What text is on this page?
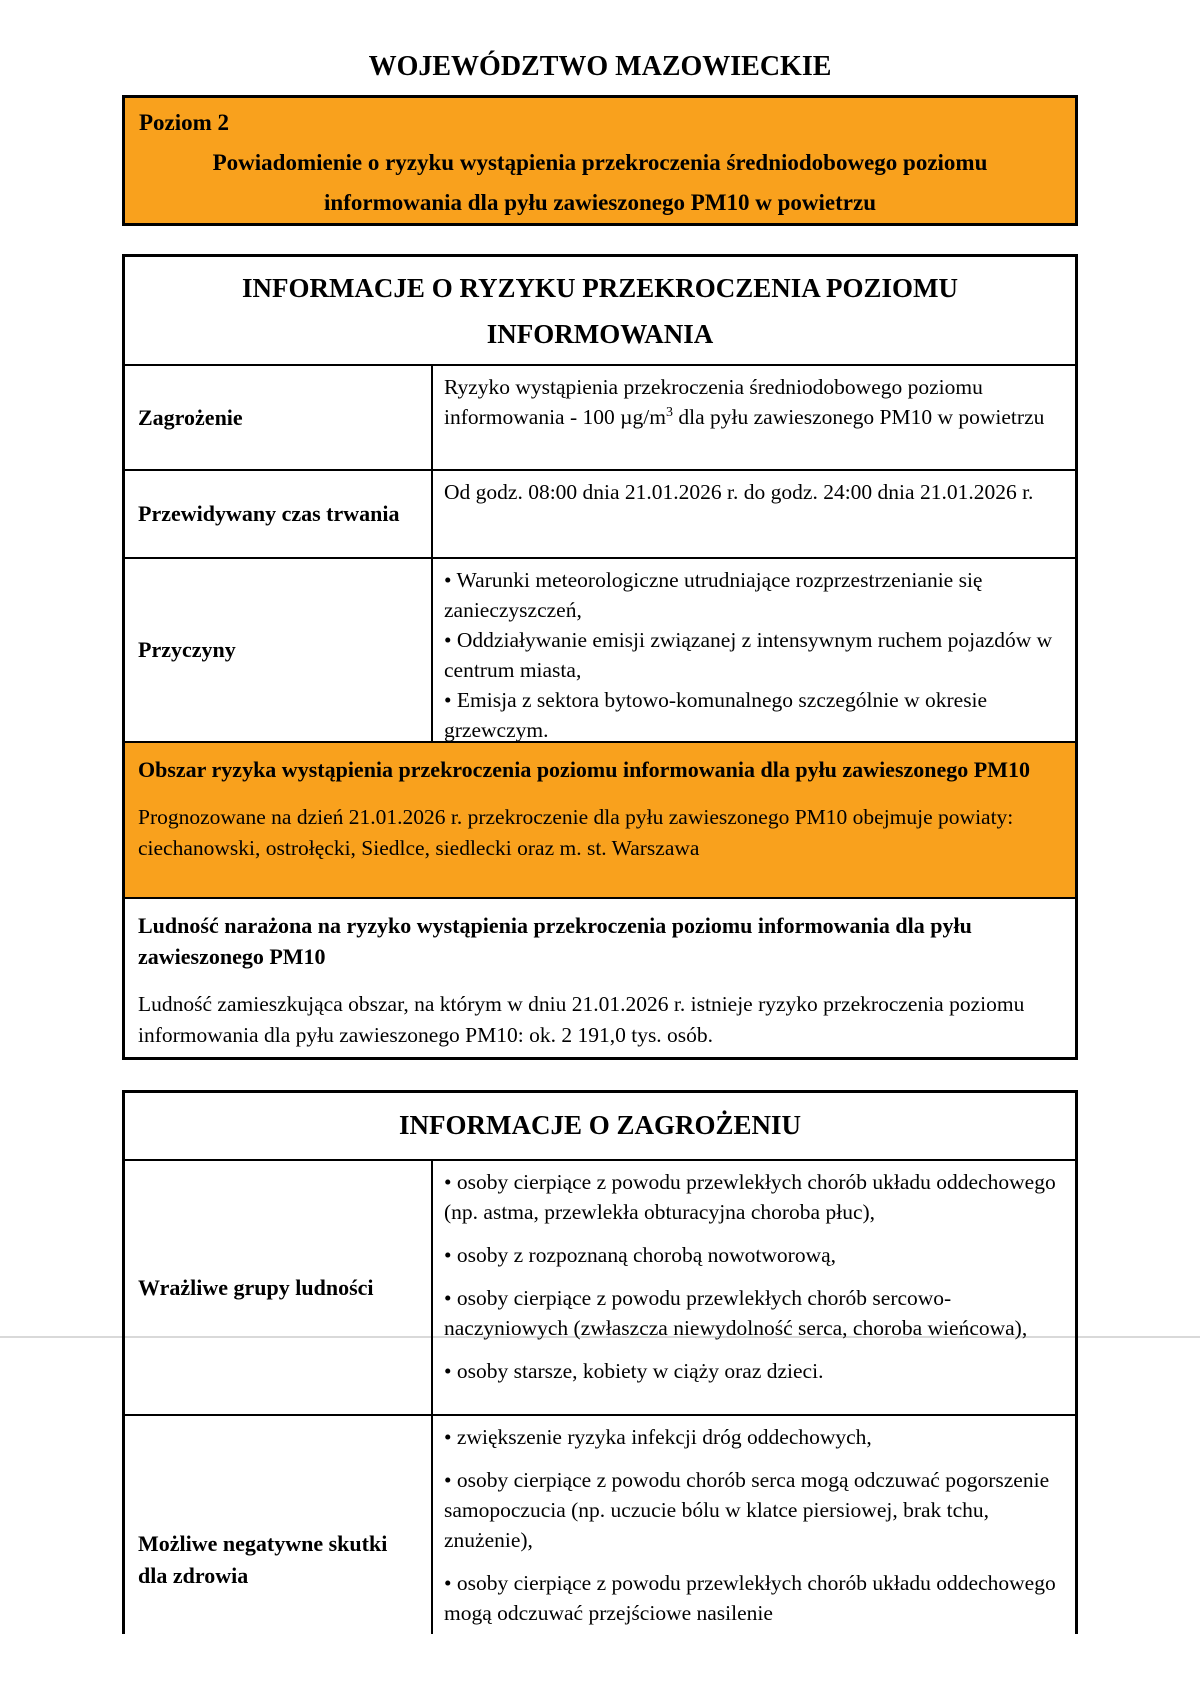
WOJEWÓDZTWO MAZOWIECKIE
Poziom 2
Powiadomienie o ryzyku wystąpienia przekroczenia średniodobowego poziomu
informowania dla pyłu zawieszonego PM10 w powietrzu
INFORMACJE O RYZYKU PRZEKROCZENIA POZIOMU
INFORMOWANIA
Zagrożenie
Ryzyko wystąpienia przekroczenia średniodobowego poziomu informowania - 100 $\mu g/m^3$ dla pyłu zawieszonego PM10 w powietrzu
Przewidywany czas trwania
Od godz. 08:00 dnia 21.01.2026 r. do godz. 24:00 dnia 21.01.2026 r.
Przyczyny
• Warunki meteorologiczne utrudniające rozprzestrzenianie się zanieczyszczeń,
• Oddziaływanie emisji związanej z intensywnym ruchem pojazdów w centrum miasta,
• Emisja z sektora bytowo-komunalnego szczególnie w okresie grzewczym.
Obszar ryzyka wystąpienia przekroczenia poziomu informowania dla pyłu zawieszonego PM10
Prognozowane na dzień 21.01.2026 r. przekroczenie dla pyłu zawieszonego PM10 obejmuje powiaty: ciechanowski, ostrołęcki, Siedlce, siedlecki oraz m. st. Warszawa
Ludność narażona na ryzyko wystąpienia przekroczenia poziomu informowania dla pyłu zawieszonego PM10
Ludność zamieszkująca obszar, na którym w dniu 21.01.2026 r. istnieje ryzyko przekroczenia poziomu informowania dla pyłu zawieszonego PM10: ok. 2 191,0 tys. osób.
INFORMACJE O ZAGROŻENIU
Wrażliwe grupy ludności
• osoby cierpiące z powodu przewlekłych chorób układu oddechowego (np. astma, przewlekła obturacyjna choroba płuc),
• osoby z rozpoznaną chorobą nowotworową,
• osoby cierpiące z powodu przewlekłych chorób sercowo-naczyniowych (zwłaszcza niewydolność serca, choroba wieńcowa),
• osoby starsze, kobiety w ciąży oraz dzieci.
Możliwe negatywne skutki dla zdrowia
• zwiększenie ryzyka infekcji dróg oddechowych,
• osoby cierpiące z powodu chorób serca mogą odczuwać pogorszenie samopoczucia (np. uczucie bólu w klatce piersiowej, brak tchu, znużenie),
• osoby cierpiące z powodu przewlekłych chorób układu oddechowego mogą odczuwać przejściowe nasilenie
